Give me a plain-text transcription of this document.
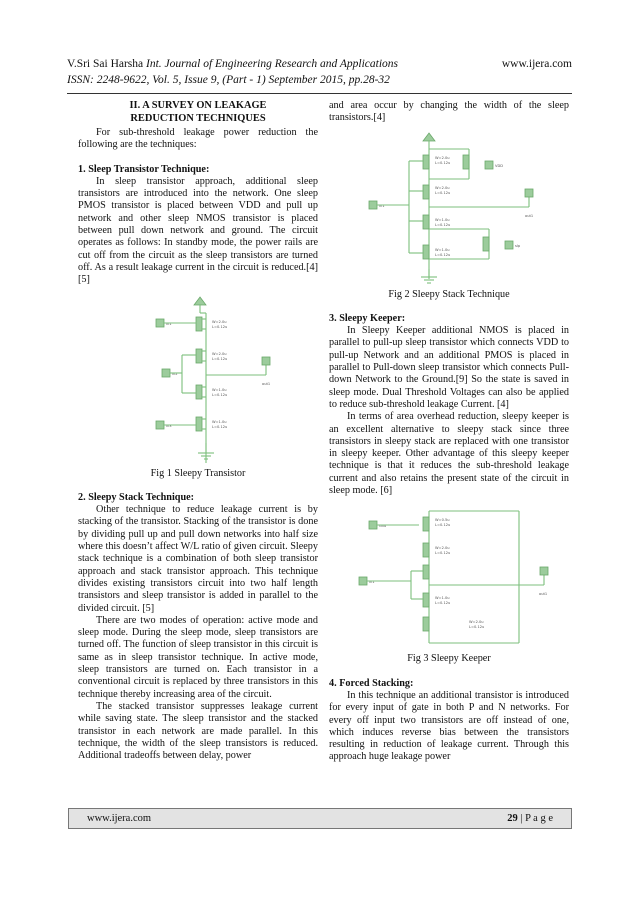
V.Sri Sai Harsha Int. Journal of Engineering Research and Applications	www.ijera.com
ISSN: 2248-9622, Vol. 5, Issue 9, (Part - 1) September 2015, pp.28-32
II. A SURVEY ON LEAKAGE
REDUCTION TECHNIQUES

For sub-threshold leakage power reduction the following are the techniques:

1. Sleep Transistor Technique:

In sleep transistor approach, additional sleep transistors are introduced into the network. One sleep PMOS transistor is placed between VDD and pull up network and other sleep NMOS transistor is placed between pull down network and ground. The circuit operates as follows: In standby mode, the power rails are cut off from the circuit as the sleep transistors are turned off. As a result leakage current in the circuit is reduced.[4][5]

in1
in2
in3
out1
W=2.0u
L=0.12u
W=2.0u
L=0.12u
W=1.0u
L=0.12u
W=1.0u
L=0.12u
Fig 1 Sleepy Transistor
2. Sleepy Stack Technique:

Other technique to reduce leakage current is by stacking of the transistor. Stacking of the transistor is done by dividing pull up and pull down networks into half size where this doesn’t affect W/L ratio of given circuit. Sleepy stack technique is a combination of both sleep transistor approach and stack transistor approach. This technique divides existing transistors circuit into two half length transistors and sleep transistor is added in parallel to the divided circuit. [5]

There are two modes of operation: active mode and sleep mode. During the sleep mode, sleep transistors are turned off. The function of sleep transistor in this circuit is same as in sleep transistor technique. In active mode, sleep transistors are turned on. Each transistor in a conventional circuit is replaced by three transistors in this technique thereby increasing area of the circuit.

The stacked transistor suppresses leakage current while saving state. The sleep transistor and the stacked transistor in each network are made parallel. In this technique, the width of the sleep transistors is reduced. Additional tradeoffs between delay, power

and area occur by changing the width of the sleep transistors.[4]

VDD
slp
in1
out1
W=2.0u
L=0.12u
W=2.0u
L=0.12u
W=1.0u
L=0.12u
W=1.0u
L=0.12u
Fig 2 Sleepy Stack Technique
3. Sleepy Keeper:

In Sleepy Keeper additional NMOS is placed in parallel to pull-up sleep transistor which connects VDD to pull-up Network and an additional PMOS is placed in parallel to Pull-down sleep transistor which connects Pull-down Network to the Ground.[9] So the state is saved in sleep mode. Dual Threshold Voltages can also be applied to reduce sub-threshold leakage Current. [4]

In terms of area overhead reduction, sleepy keeper is an excellent alternative to sleepy stack since three transistors in sleepy stack are replaced with one transistor in sleepy keeper. Other advantage of this sleepy keeper technique is that it reduces the sub-threshold leakage current and also retains the present state of the circuit in sleep mode. [6]

Gnd
in1
out1
W=0.5u
L=0.12u
W=2.0u
L=0.12u
W=1.0u
L=0.12u
W=2.0u
L=0.12u
Fig 3 Sleepy Keeper
4. Forced Stacking:

In this technique an additional transistor is introduced for every input of gate in both P and N networks. For every off input two transistors are off instead of one, which induces reverse bias between the transistors resulting in reduction of leakage current. Through this approach huge leakage power

www.ijera.com	29 | P a g e
